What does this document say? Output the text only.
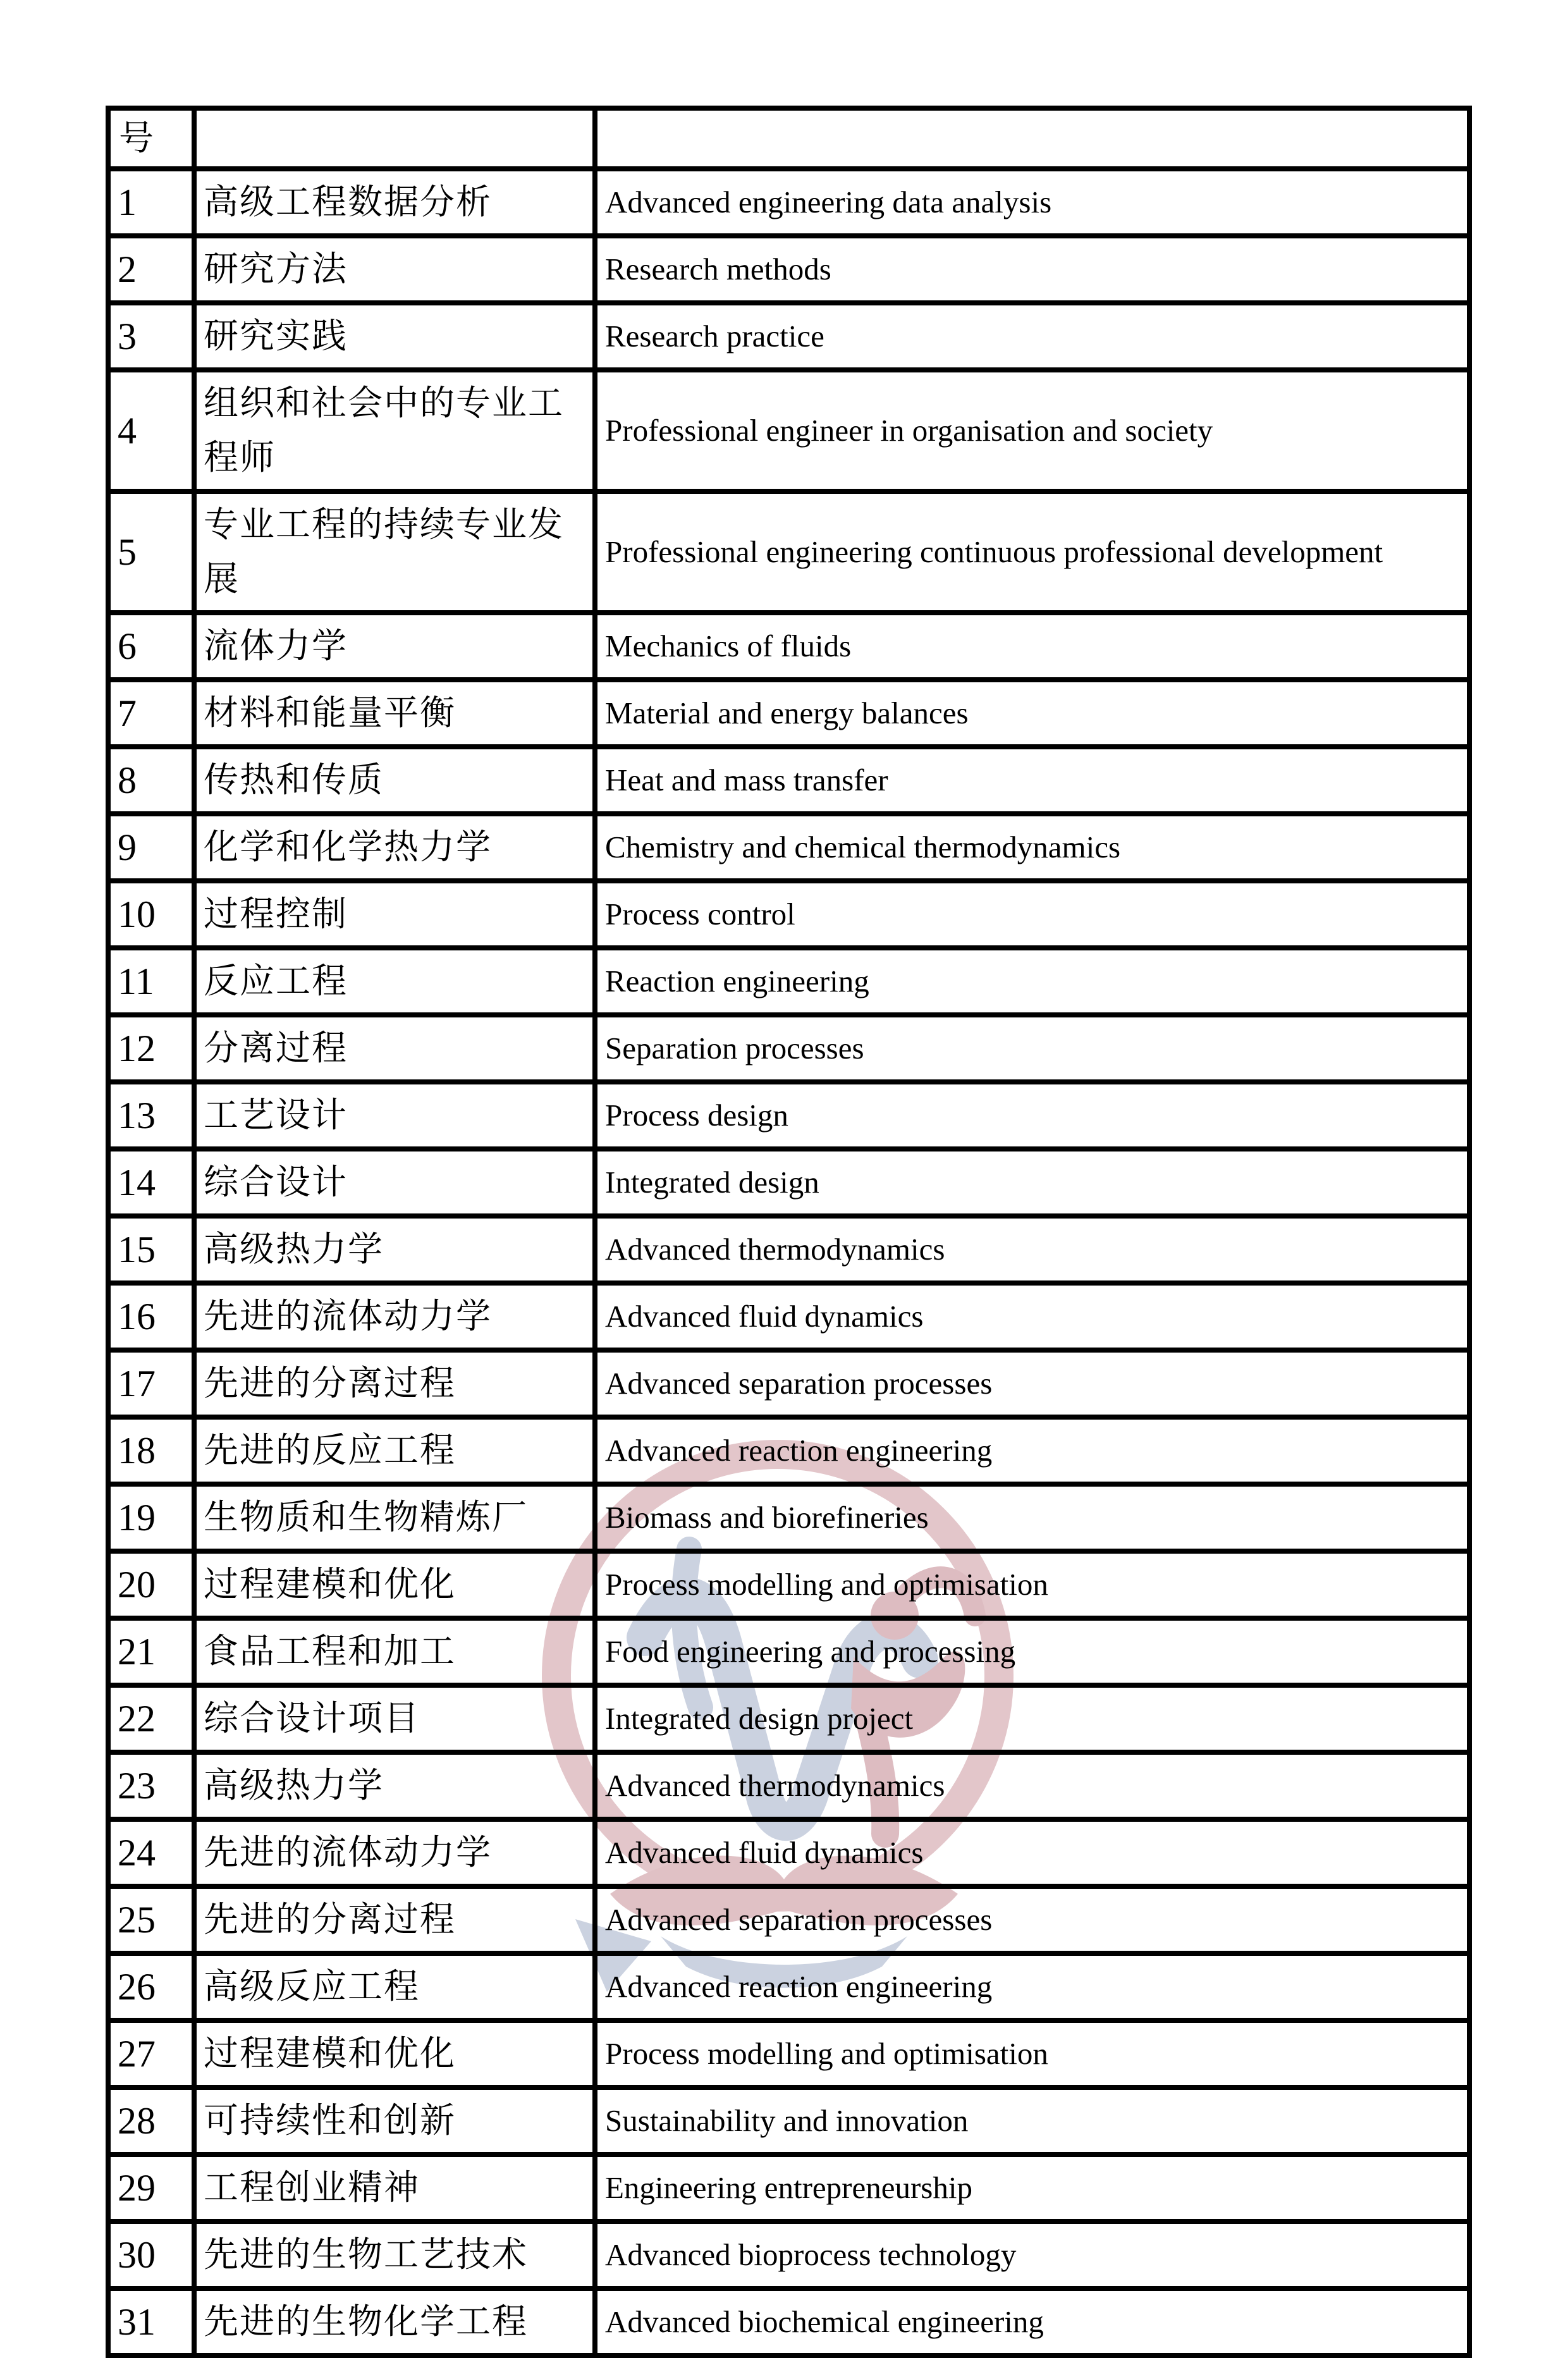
号		
1	高级工程数据分析	Advanced engineering data analysis
2	研究方法	Research methods
3	研究实践	Research practice
4	组织和社会中的专业工程师	Professional engineer in organisation and society
5	专业工程的持续专业发展	Professional engineering continuous professional development
6	流体力学	Mechanics of fluids
7	材料和能量平衡	Material and energy balances
8	传热和传质	Heat and mass transfer
9	化学和化学热力学	Chemistry and chemical thermodynamics
10	过程控制	Process control
11	反应工程	Reaction engineering
12	分离过程	Separation processes
13	工艺设计	Process design
14	综合设计	Integrated design
15	高级热力学	Advanced thermodynamics
16	先进的流体动力学	Advanced fluid dynamics
17	先进的分离过程	Advanced separation processes
18	先进的反应工程	Advanced reaction engineering
19	生物质和生物精炼厂	Biomass and biorefineries
20	过程建模和优化	Process modelling and optimisation
21	食品工程和加工	Food engineering and processing
22	综合设计项目	Integrated design project
23	高级热力学	Advanced thermodynamics
24	先进的流体动力学	Advanced fluid dynamics
25	先进的分离过程	Advanced separation processes
26	高级反应工程	Advanced reaction engineering
27	过程建模和优化	Process modelling and optimisation
28	可持续性和创新	Sustainability and innovation
29	工程创业精神	Engineering entrepreneurship
30	先进的生物工艺技术	Advanced bioprocess technology
31	先进的生物化学工程	Advanced biochemical engineering
